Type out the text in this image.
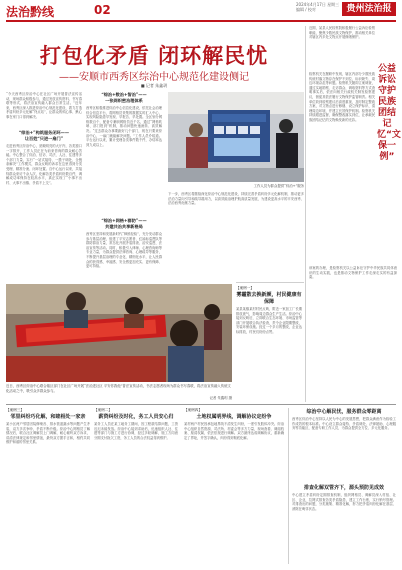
法治黔线	02	2024年4月17日 星期三
编辑 / 校对	贵州法治报
打包化矛盾 闭环解民忧
——安顺市西秀区综治中心规范化建设侧记
■ 记者 朱鑫玥

“今天西秀区综治中心在社区广场开展普法宣传活动，现场群众积极参与，通过发放宣传资料、书写春联等形式，将法治宣传融入群众日常生活。”近年来，西秀区深入推进综治中心规范化建设，着力打造矛盾纠纷多元化解“终点站”，让群众的烦心事、揪心事在家门口得到解决。

“综治+”构筑服务闭环——
让百姓“只进一扇门”

走进西秀区综治中心，宽敞明亮的大厅内，各类窗口一字排开，工作人员正在为前来咨询的群众耐心答疑。中心整合了综治、信访、司法、人社、住建等多个部门力量，实行“一站式接待、一揽子调处、全链条解决”工作模式，群众反映的诉求在这里得到分类受理、精准分流、闭环处置。自中心运行以来，共接待群众来访千余人次，化解各类矛盾纠纷数百件，调解成功率保持在较高水平，真正实现了“小事不出村、大事不出镇、矛盾不上交”。

“综治+数治+智治”——
一张网织密治理体系

西秀区积极推进综治中心信息化建设，依托社会治理综合信息平台，将网格员采集的数据实时汇入中心，实现风险隐患早发现、早报告、早处置。全区划分网格数百个，配备专兼职网格员近千名，通过“网格吹哨、部门报到”机制，推动问题快速流转、高效解决。“过去群众办事要跑好几个部门，现在只要来综治中心，一扇门就能解决问题。”工作人员介绍道。平台运行以来，累计受理各类事件数千件，办结率达到九成以上。

“综治+网格+群防”——
共建共治共享新格局

西秀区坚持和发展新时代“枫桥经验”，充分发动群众参与基层治理，组建了平安志愿者、红袖标巡逻队等群防群治力量，常态化开展矛盾排查、治安巡逻、法治宣传等活动。同时，积极引入律师、心理咨询师等专业力量，为群众提供法律咨询、心理疏导等服务，不断提升基层治理的专业化、精细化水平，让人民群众的获得感、幸福感、安全感更加充实、更有保障、更可持续。

工作人员为群众提供“综治+”服务

下一步，西秀区将继续深化综治中心规范化建设，持续完善矛盾纠纷多元化解机制，推动更多法治力量向引导和疏导端用力，以高效能治理护航高质量发展，为建设更高水平的平安西秀、法治西秀贡献力量。

近日，西秀区综治中心联合辖区部门在社区广场开展“法治进社区 平安你我他”普法宣传活动，书法志愿者现场为群众书写春联，将法治宣传融入传统文化活动之中，吸引众多群众参与。
记者 朱鑫玥 摄
公益诉讼守护民族团结记忆“文保一例”

近期，某县人民检察院积极履行公益诉讼检察职能，聚焦少数民族文物保护，推动相关单位对辖区内多处文物点开展修缮保护。

检察机关在履职中发现，辖区内部分少数民族传统村落文物存在保护不到位、标识缺失、周边环境杂乱等问题。检察机关随即立案调查，通过实地勘察、走访群众、调取资料等方式查明事实后，依法向相关行政机关制发检察建议，督促其依法履行文物保护监管职责。相关单位收到检察建议后高度重视，及时制定整改方案，对文物点进行修缮、设立保护标识、清理周边环境，并建立长效保护机制。检察机关持续跟进监督，确保整改落实到位，让承载民族团结记忆的文物焕发新的光彩。

该案的办理，是检察机关以公益诉讼守护中华民族共同体意识的生动实践，也是推动文物保护工作走深走实的有益探索。

【案例一】
雾霾散去换新颜，村民健康有保障
某县某镇某村村民反映，附近一家加工厂长期排放废气，影响周边群众生产生活。综治中心接到反映后，立即联合生态环境、市场监管等部门开展联合执法检查，责令企业限期整改，安装环保设施。经过一个多月的整改，企业达标排放，村民们纷纷点赞。
【案例三】
邻里纠纷巧化解，和睦相处一家亲
某小区两户邻居因装修噪音、排水管道漏水等问题产生矛盾，双方多次争吵，矛盾不断升级。综治中心网格员了解情况后，联合社区调解员上门调解，耐心倾听双方诉求，讲清法律规定和邻里情谊，最终双方握手言和，相约共同维护和谐的邻里关系。
【案例二】
薪资纠纷及时化，务工人员安心归
某务工人员在某工地务工期间，因工程款结算问题，工资迟迟未能发放。综治中心接到求助后，迅速组织人社、住建等部门与施工方进行协调，经过多轮调解，施工方同意分期支付拖欠工资，务工人员的合法权益得到维护。
【案例四】
土地权属明界线，调解协议定纷争
某村两户村民因承包地界线不清发生纠纷，一度引发肢体冲突。综治中心组织自然资源、司法所、村委会等多方力量，现场查看、调阅档案、厘清权属，依法依规进行调解。双方最终达成调解协议，重新确定了界址，并签字确认，纠纷得到彻底化解。
综治中心解民忧，服务群众零距离
西秀区综治中心坚持以人民为中心的发展思想，把群众满意作为检验工作成效的根本标准。中心设立群众接待、矛盾调处、法律援助、心理服务等功能区，配备专职工作人员，为群众提供全方位、多元化服务。
排查化解双管齐下，源头预防见成效
中心建立矛盾纠纷定期排查机制，组织网格员、调解员深入村组、社区、企业，拉网式排查各类矛盾隐患，建立工作台账，实行销号管理。对排查出的问题，分类施策、精准化解，努力把矛盾纠纷化解在基层、消除在萌芽状态。
